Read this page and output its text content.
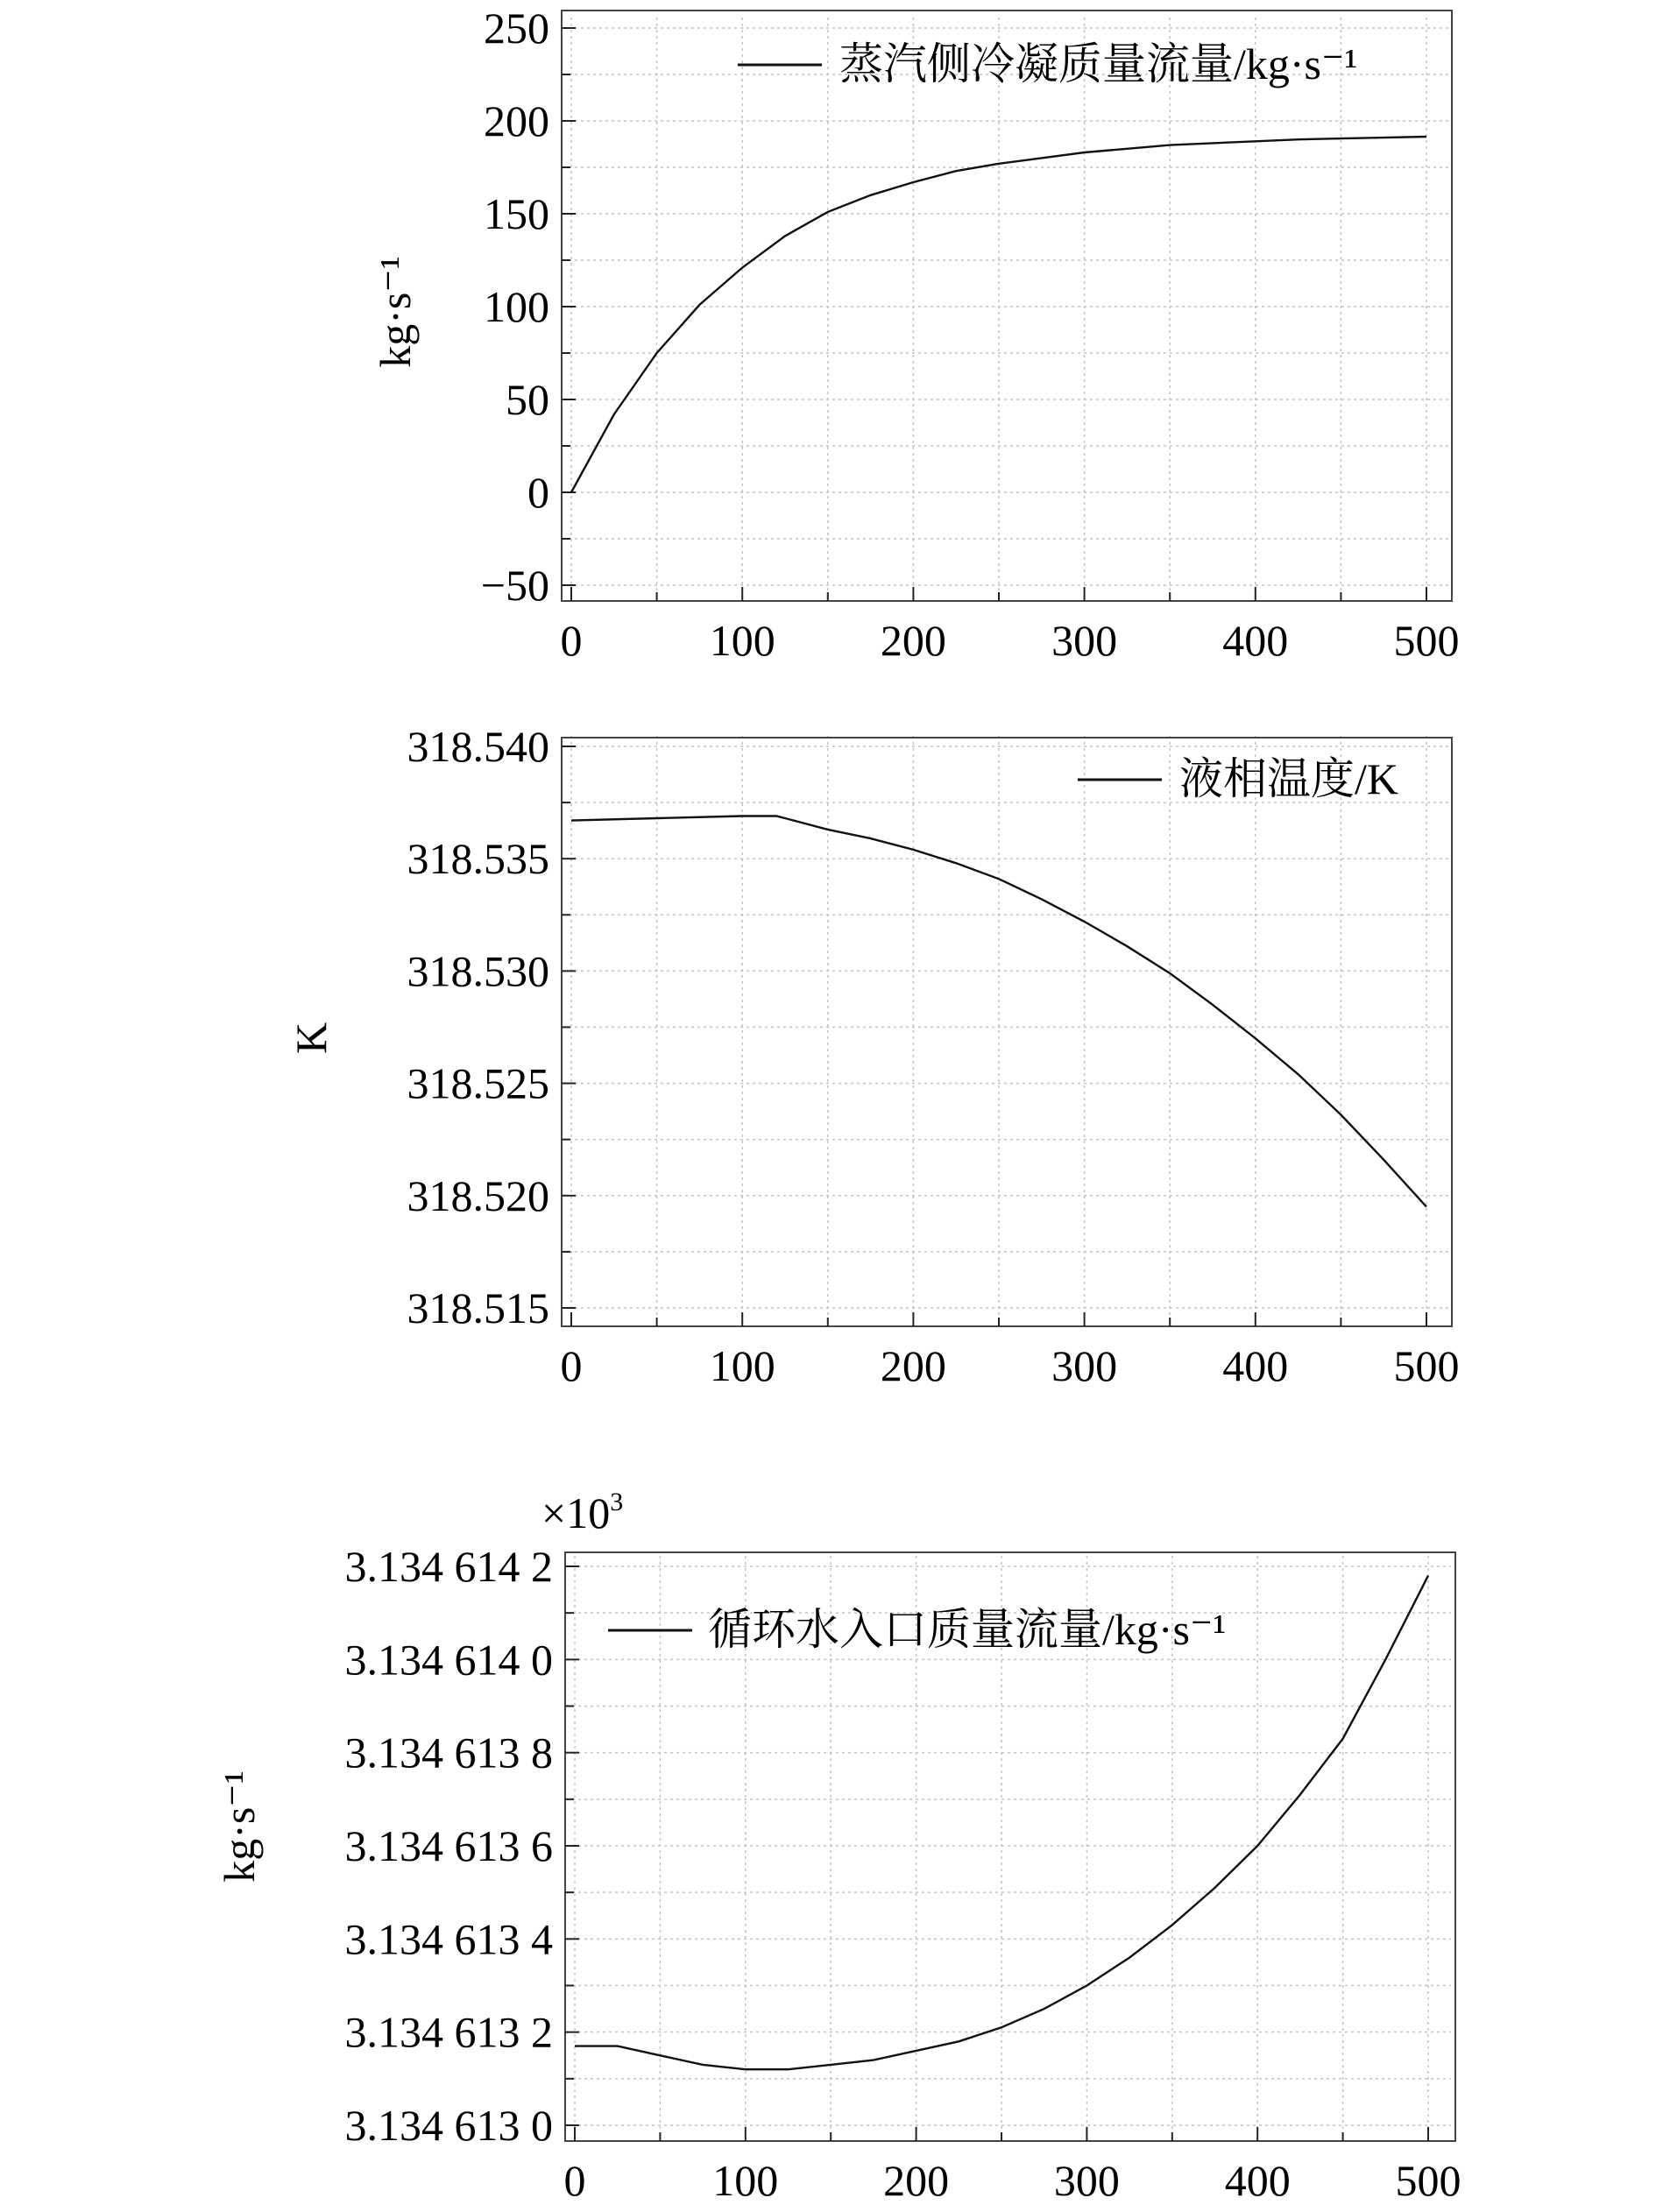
0	100 200 300 400 500
250
200
150
100
50
0
−50
蒸汽侧冷凝质量流量/kg·s⁻¹
kg·s⁻¹
0	100 200 300 400 500
318.540
318.535
318.530
318.525
318.520
318.515
液相温度/K
K
0	100 200 300 400 500
3.134 614 2
3.134 614 0
3.134 613 8
3.134 613 6
3.134 613 4
3.134 613 2
3.134 613 0
循环水入口质量流量/kg·s⁻¹
kg·s⁻¹
$\times 10^3$
